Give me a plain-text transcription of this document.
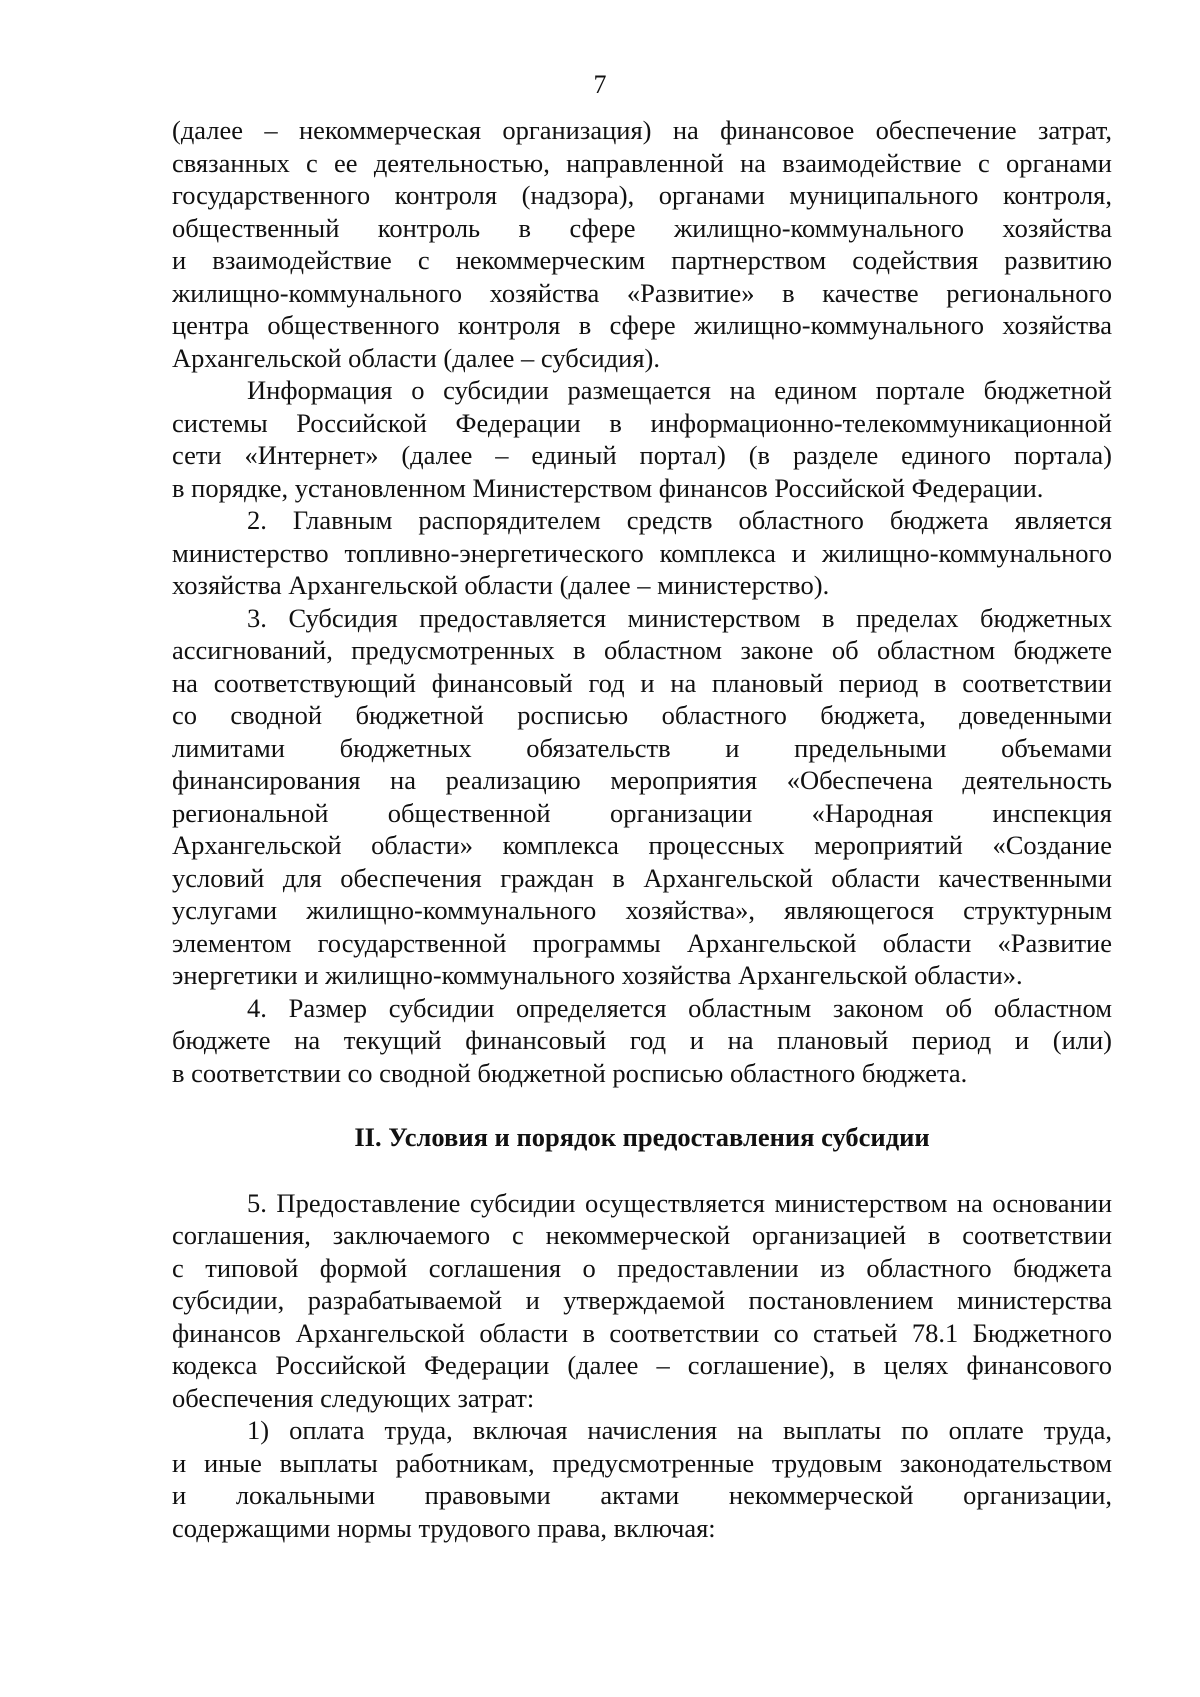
7
(далее – некоммерческая организация) на финансовое обеспечение затрат,
связанных с ее деятельностью, направленной на взаимодействие с органами
государственного контроля (надзора), органами муниципального контроля,
общественный контроль в сфере жилищно-коммунального хозяйства
и взаимодействие с некоммерческим партнерством содействия развитию
жилищно-коммунального хозяйства «Развитие» в качестве регионального
центра общественного контроля в сфере жилищно-коммунального хозяйства
Архангельской области (далее – субсидия).
Информация о субсидии размещается на едином портале бюджетной
системы Российской Федерации в информационно-телекоммуникационной
сети «Интернет» (далее – единый портал) (в разделе единого портала)
в порядке, установленном Министерством финансов Российской Федерации.
2. Главным распорядителем средств областного бюджета является
министерство топливно-энергетического комплекса и жилищно-коммунального
хозяйства Архангельской области (далее – министерство).
3. Субсидия предоставляется министерством в пределах бюджетных
ассигнований, предусмотренных в областном законе об областном бюджете
на соответствующий финансовый год и на плановый период в соответствии
со сводной бюджетной росписью областного бюджета, доведенными
лимитами бюджетных обязательств и предельными объемами
финансирования на реализацию мероприятия «Обеспечена деятельность
региональной общественной организации «Народная инспекция
Архангельской области» комплекса процессных мероприятий «Создание
условий для обеспечения граждан в Архангельской области качественными
услугами жилищно-коммунального хозяйства», являющегося структурным
элементом государственной программы Архангельской области «Развитие
энергетики и жилищно-коммунального хозяйства Архангельской области».
4. Размер субсидии определяется областным законом об областном
бюджете на текущий финансовый год и на плановый период и (или)
в соответствии со сводной бюджетной росписью областного бюджета.
II. Условия и порядок предоставления субсидии
5. Предоставление субсидии осуществляется министерством на основании
соглашения, заключаемого с некоммерческой организацией в соответствии
с типовой формой соглашения о предоставлении из областного бюджета
субсидии, разрабатываемой и утверждаемой постановлением министерства
финансов Архангельской области в соответствии со статьей 78.1 Бюджетного
кодекса Российской Федерации (далее – соглашение), в целях финансового
обеспечения следующих затрат:
1) оплата труда, включая начисления на выплаты по оплате труда,
и иные выплаты работникам, предусмотренные трудовым законодательством
и локальными правовыми актами некоммерческой организации,
содержащими нормы трудового права, включая:
